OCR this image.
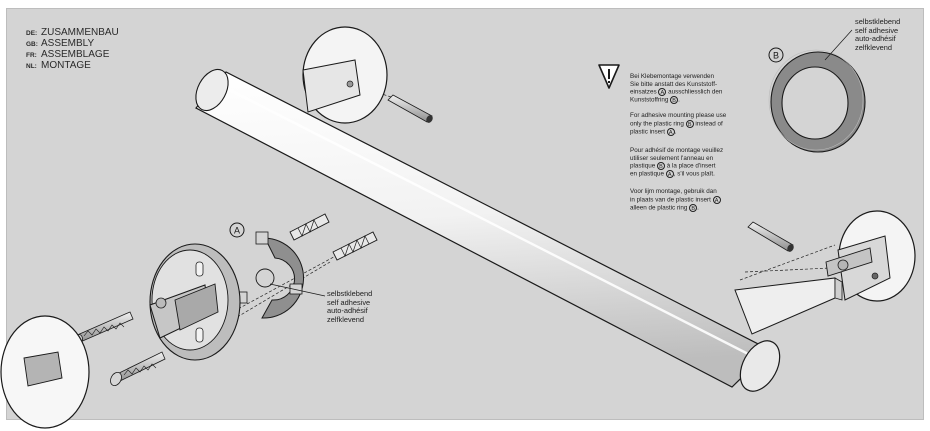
A
B
DE: ZUSAMMENBAU
GB: ASSEMBLY
FR: ASSEMBLAGE
NL: MONTAGE
Bei Klebemontage verwenden
Sie bitte anstatt des Kunststoff-
einsatzes A ausschliesslich den
Kunststoffring B .
For adhesive mounting please use
only the plastic ring B instead of
plastic insert A .
Pour adhésif de montage veuillez
utiliser seulement l'anneau en
plastique B à la place d'insert
en plastique A , s'il vous plaît.
Voor lijm montage, gebruik dan
in plaats van de plastic insert A
alleen de plastic ring B .
selbstklebend
self adhesive
auto-adhésif
zelfklevend
selbstklebend
self adhesive
auto-adhésif
zelfklevend
